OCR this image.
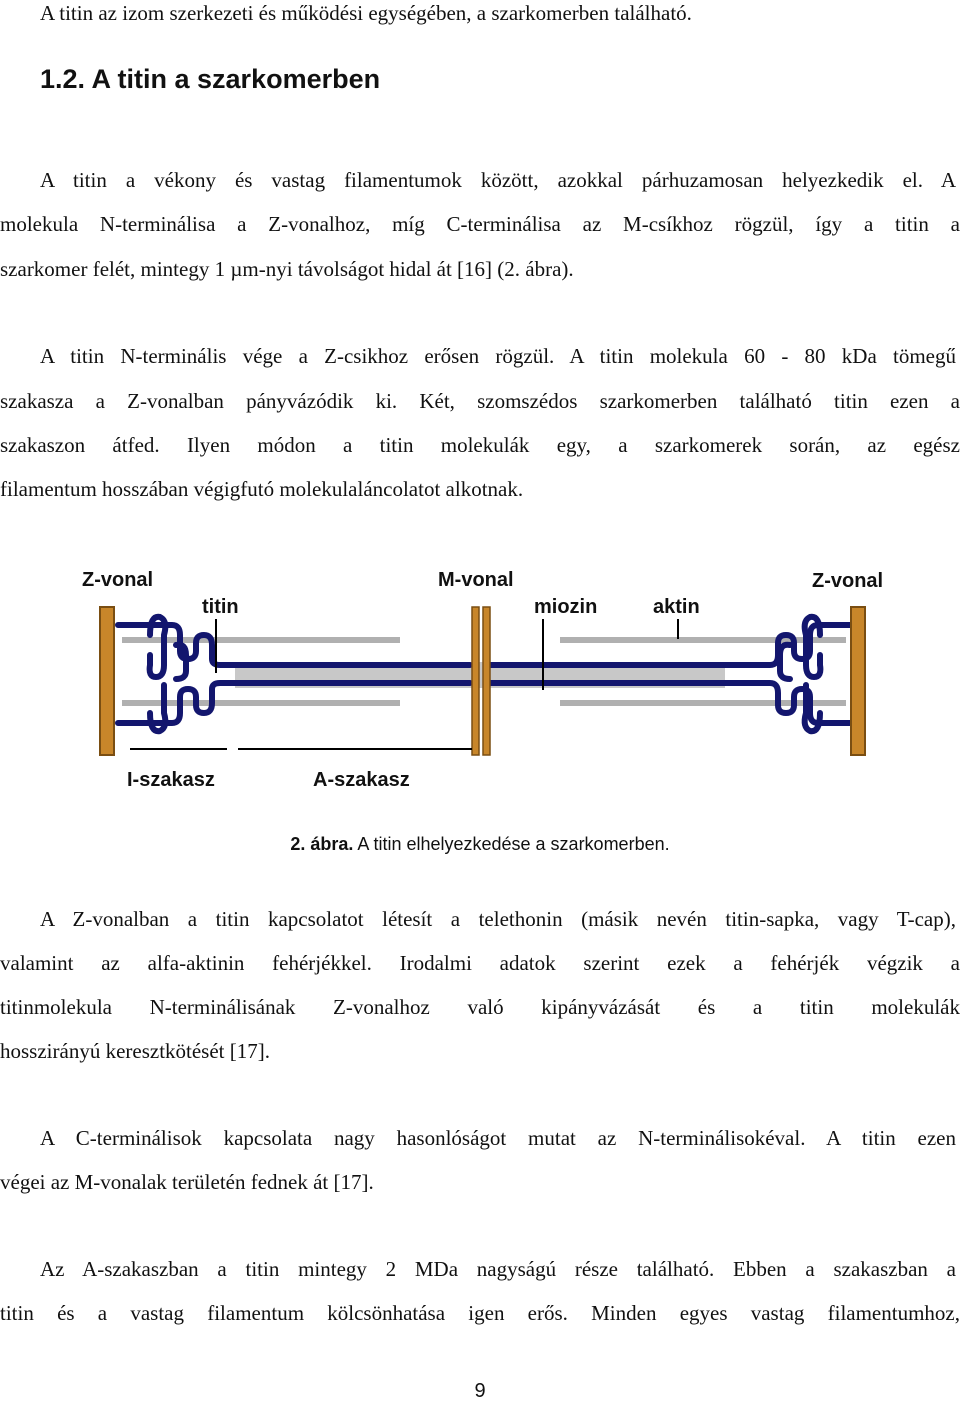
A titin az izom szerkezeti és működési egységében, a szarkomerben található.
1.2. A titin a szarkomerben
A titin a vékony és vastag filamentumok között, azokkal párhuzamosan helyezkedik el. A
molekula N-terminálisa a Z-vonalhoz, míg C-terminálisa az M-csíkhoz rögzül, így a titin a
szarkomer felét, mintegy 1 µm-nyi távolságot hidal át [16] (2. ábra).
A titin N-terminális vége a Z-csikhoz erősen rögzül. A titin molekula 60 - 80 kDa tömegű
szakasza a Z-vonalban pányvázódik ki. Két, szomszédos szarkomerben található titin ezen a
szakaszon átfed. Ilyen módon a titin molekulák egy, a szarkomerek során, az egész
filamentum hosszában végigfutó molekulaláncolatot alkotnak.
Z-vonal	M-vonal	Z-vonal
titin	miozin	aktin
I-szakasz	A-szakasz
2. ábra. A titin elhelyezkedése a szarkomerben.
A Z-vonalban a titin kapcsolatot létesít a telethonin (másik nevén titin-sapka, vagy T-cap),
valamint az alfa-aktinin fehérjékkel. Irodalmi adatok szerint ezek a fehérjék végzik a
titinmolekula N-terminálisának Z-vonalhoz való kipányvázását és a titin molekulák
hosszirányú keresztkötését [17].
A C-terminálisok kapcsolata nagy hasonlóságot mutat az N-terminálisokéval. A titin ezen
végei az M-vonalak területén fednek át [17].
Az A-szakaszban a titin mintegy 2 MDa nagyságú része található. Ebben a szakaszban a
titin és a vastag filamentum kölcsönhatása igen erős. Minden egyes vastag filamentumhoz,
9
